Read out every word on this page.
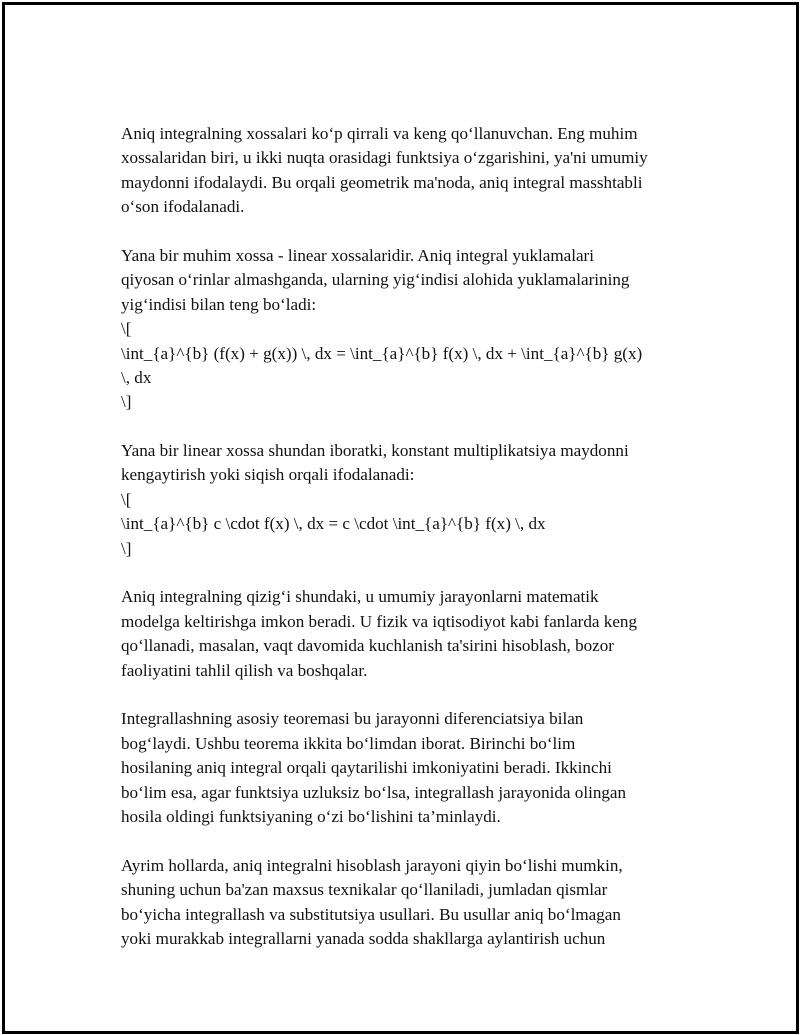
Aniq integralning xossalari koʻp qirrali va keng qoʻllanuvchan. Eng muhim
xossalaridan biri, u ikki nuqta orasidagi funktsiya oʻzgarishini, ya'ni umumiy
maydonni ifodalaydi. Bu orqali geometrik ma'noda, aniq integral masshtabli
oʻson ifodalanadi.
Yana bir muhim xossa - linear xossalaridir. Aniq integral yuklamalari
qiyosan oʻrinlar almashganda, ularning yigʻindisi alohida yuklamalarining
yigʻindisi bilan teng boʻladi:
\[
\int_{a}^{b} (f(x) + g(x)) \, dx = \int_{a}^{b} f(x) \, dx + \int_{a}^{b} g(x)
\, dx
\]
Yana bir linear xossa shundan iboratki, konstant multiplikatsiya maydonni
kengaytirish yoki siqish orqali ifodalanadi:
\[
\int_{a}^{b} c \cdot f(x) \, dx = c \cdot \int_{a}^{b} f(x) \, dx
\]
Aniq integralning qizigʻi shundaki, u umumiy jarayonlarni matematik
modelga keltirishga imkon beradi. U fizik va iqtisodiyot kabi fanlarda keng
qoʻllanadi, masalan, vaqt davomida kuchlanish ta'sirini hisoblash, bozor
faoliyatini tahlil qilish va boshqalar.
Integrallashning asosiy teoremasi bu jarayonni diferenciatsiya bilan
bogʻlaydi. Ushbu teorema ikkita boʻlimdan iborat. Birinchi boʻlim
hosilaning aniq integral orqali qaytarilishi imkoniyatini beradi. Ikkinchi
boʻlim esa, agar funktsiya uzluksiz boʻlsa, integrallash jarayonida olingan
hosila oldingi funktsiyaning oʻzi boʻlishini ta’minlaydi.
Ayrim hollarda, aniq integralni hisoblash jarayoni qiyin boʻlishi mumkin,
shuning uchun ba'zan maxsus texnikalar qoʻllaniladi, jumladan qismlar
boʻyicha integrallash va substitutsiya usullari. Bu usullar aniq boʻlmagan
yoki murakkab integrallarni yanada sodda shakllarga aylantirish uchun
